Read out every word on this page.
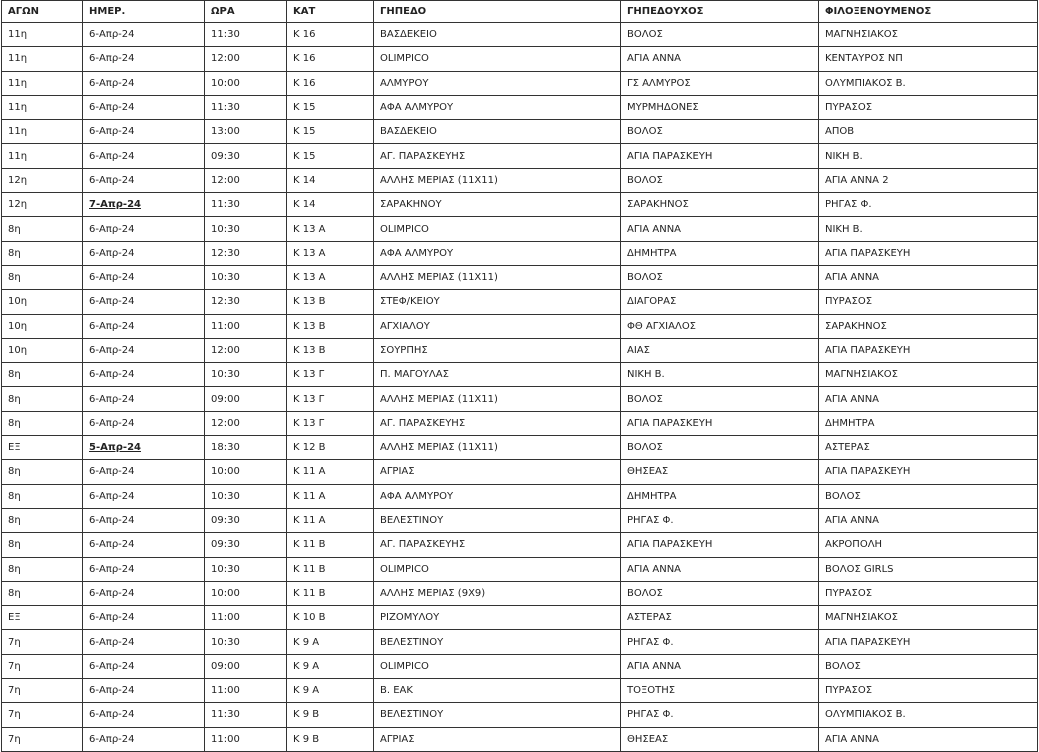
ΑΓΩΝ	ΗΜΕΡ.	ΩΡΑ	ΚΑΤ	ΓΗΠΕΔΟ	ΓΗΠΕΔΟΥΧΟΣ	ΦΙΛΟΞΕΝΟΥΜΕΝΟΣ
11η	6-Απρ-24	11:30	Κ 16	ΒΑΣΔΕΚΕΙΟ	ΒΟΛΟΣ	ΜΑΓΝΗΣΙΑΚΟΣ
11η	6-Απρ-24	12:00	Κ 16	OLIMPICO	ΑΓΙΑ ΑΝΝΑ	ΚΕΝΤΑΥΡΟΣ ΝΠ
11η	6-Απρ-24	10:00	Κ 16	ΑΛΜΥΡΟΥ	ΓΣ ΑΛΜΥΡΟΣ	ΟΛΥΜΠΙΑΚΟΣ Β.
11η	6-Απρ-24	11:30	Κ 15	ΑΦΑ ΑΛΜΥΡΟΥ	ΜΥΡΜΗΔΟΝΕΣ	ΠΥΡΑΣΟΣ
11η	6-Απρ-24	13:00	Κ 15	ΒΑΣΔΕΚΕΙΟ	ΒΟΛΟΣ	ΑΠΟΒ
11η	6-Απρ-24	09:30	Κ 15	ΑΓ. ΠΑΡΑΣΚΕΥΗΣ	ΑΓΙΑ ΠΑΡΑΣΚΕΥΗ	ΝΙΚΗ Β.
12η	6-Απρ-24	12:00	Κ 14	ΑΛΛΗΣ ΜΕΡΙΑΣ (11Χ11)	ΒΟΛΟΣ	ΑΓΙΑ ΑΝΝΑ 2
12η	7-Απρ-24	11:30	Κ 14	ΣΑΡΑΚΗΝΟΥ	ΣΑΡΑΚΗΝΟΣ	ΡΗΓΑΣ Φ.
8η	6-Απρ-24	10:30	Κ 13 Α	OLIMPICO	ΑΓΙΑ ΑΝΝΑ	ΝΙΚΗ Β.
8η	6-Απρ-24	12:30	Κ 13 Α	ΑΦΑ ΑΛΜΥΡΟΥ	ΔΗΜΗΤΡΑ	ΑΓΙΑ ΠΑΡΑΣΚΕΥΗ
8η	6-Απρ-24	10:30	Κ 13 Α	ΑΛΛΗΣ ΜΕΡΙΑΣ (11Χ11)	ΒΟΛΟΣ	ΑΓΙΑ ΑΝΝΑ
10η	6-Απρ-24	12:30	Κ 13 Β	ΣΤΕΦ/ΚΕΙΟΥ	ΔΙΑΓΟΡΑΣ	ΠΥΡΑΣΟΣ
10η	6-Απρ-24	11:00	Κ 13 Β	ΑΓΧΙΑΛΟΥ	ΦΘ ΑΓΧΙΑΛΟΣ	ΣΑΡΑΚΗΝΟΣ
10η	6-Απρ-24	12:00	Κ 13 Β	ΣΟΥΡΠΗΣ	ΑΙΑΣ	ΑΓΙΑ ΠΑΡΑΣΚΕΥΗ
8η	6-Απρ-24	10:30	Κ 13 Γ	Π. ΜΑΓΟΥΛΑΣ	ΝΙΚΗ Β.	ΜΑΓΝΗΣΙΑΚΟΣ
8η	6-Απρ-24	09:00	Κ 13 Γ	ΑΛΛΗΣ ΜΕΡΙΑΣ (11Χ11)	ΒΟΛΟΣ	ΑΓΙΑ ΑΝΝΑ
8η	6-Απρ-24	12:00	Κ 13 Γ	ΑΓ. ΠΑΡΑΣΚΕΥΗΣ	ΑΓΙΑ ΠΑΡΑΣΚΕΥΗ	ΔΗΜΗΤΡΑ
ΕΞ	5-Απρ-24	18:30	Κ 12 Β	ΑΛΛΗΣ ΜΕΡΙΑΣ (11Χ11)	ΒΟΛΟΣ	ΑΣΤΕΡΑΣ
8η	6-Απρ-24	10:00	Κ 11 Α	ΑΓΡΙΑΣ	ΘΗΣΕΑΣ	ΑΓΙΑ ΠΑΡΑΣΚΕΥΗ
8η	6-Απρ-24	10:30	Κ 11 Α	ΑΦΑ ΑΛΜΥΡΟΥ	ΔΗΜΗΤΡΑ	ΒΟΛΟΣ
8η	6-Απρ-24	09:30	Κ 11 Α	ΒΕΛΕΣΤΙΝΟΥ	ΡΗΓΑΣ Φ.	ΑΓΙΑ ΑΝΝΑ
8η	6-Απρ-24	09:30	Κ 11 Β	ΑΓ. ΠΑΡΑΣΚΕΥΗΣ	ΑΓΙΑ ΠΑΡΑΣΚΕΥΗ	ΑΚΡΟΠΟΛΗ
8η	6-Απρ-24	10:30	Κ 11 Β	OLIMPICO	ΑΓΙΑ ΑΝΝΑ	ΒΟΛΟΣ GIRLS
8η	6-Απρ-24	10:00	Κ 11 Β	ΑΛΛΗΣ ΜΕΡΙΑΣ (9Χ9)	ΒΟΛΟΣ	ΠΥΡΑΣΟΣ
ΕΞ	6-Απρ-24	11:00	Κ 10 Β	ΡΙΖΟΜΥΛΟΥ	ΑΣΤΕΡΑΣ	ΜΑΓΝΗΣΙΑΚΟΣ
7η	6-Απρ-24	10:30	Κ 9 Α	ΒΕΛΕΣΤΙΝΟΥ	ΡΗΓΑΣ Φ.	ΑΓΙΑ ΠΑΡΑΣΚΕΥΗ
7η	6-Απρ-24	09:00	Κ 9 Α	OLIMPICO	ΑΓΙΑ ΑΝΝΑ	ΒΟΛΟΣ
7η	6-Απρ-24	11:00	Κ 9 Α	Β. ΕΑΚ	ΤΟΞΟΤΗΣ	ΠΥΡΑΣΟΣ
7η	6-Απρ-24	11:30	Κ 9 Β	ΒΕΛΕΣΤΙΝΟΥ	ΡΗΓΑΣ Φ.	ΟΛΥΜΠΙΑΚΟΣ Β.
7η	6-Απρ-24	11:00	Κ 9 Β	ΑΓΡΙΑΣ	ΘΗΣΕΑΣ	ΑΓΙΑ ΑΝΝΑ
